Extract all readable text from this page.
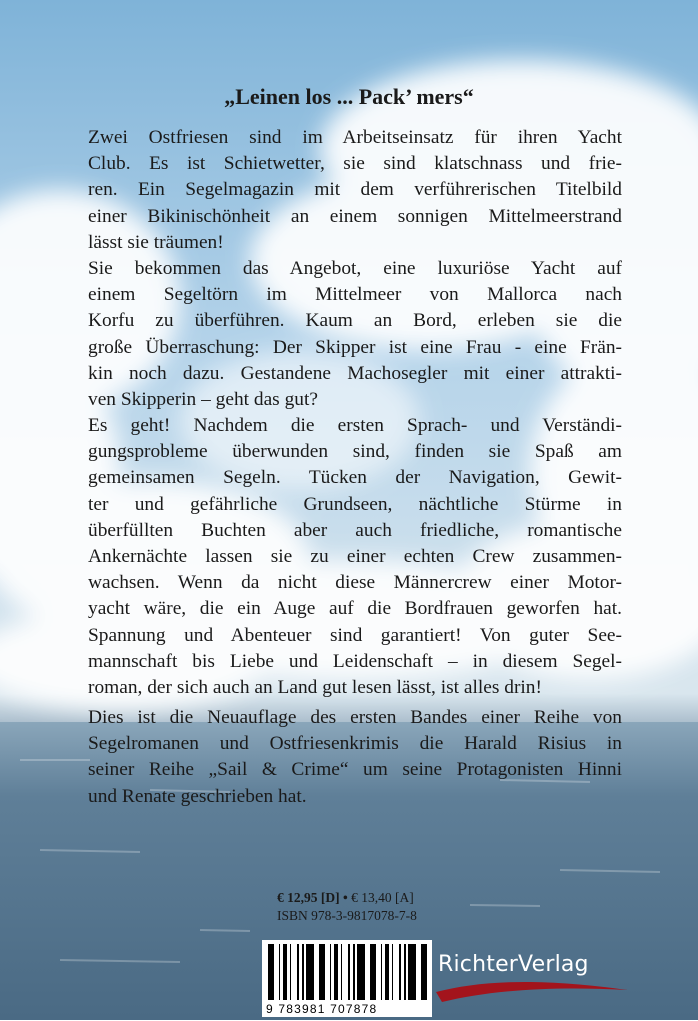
„Leinen los ... Pack’ mers“
Zwei Ostfriesen sind im Arbeitseinsatz für ihren Yacht
Club. Es ist Schietwetter, sie sind klatschnass und frie-
ren. Ein Segelmagazin mit dem verführerischen Titelbild
einer Bikinischönheit an einem sonnigen Mittelmeerstrand
lässt sie träumen!
Sie bekommen das Angebot, eine luxuriöse Yacht auf
einem Segeltörn im Mittelmeer von Mallorca nach
Korfu zu überführen. Kaum an Bord, erleben sie die
große Überraschung: Der Skipper ist eine Frau - eine Frän-
kin noch dazu. Gestandene Machosegler mit einer attrakti-
ven Skipperin – geht das gut?
Es geht! Nachdem die ersten Sprach- und Verständi-
gungsprobleme überwunden sind, finden sie Spaß am
gemeinsamen Segeln. Tücken der Navigation, Gewit-
ter und gefährliche Grundseen, nächtliche Stürme in
überfüllten Buchten aber auch friedliche, romantische
Ankernächte lassen sie zu einer echten Crew zusammen-
wachsen. Wenn da nicht diese Männercrew einer Motor-
yacht wäre, die ein Auge auf die Bordfrauen geworfen hat.
Spannung und Abenteuer sind garantiert! Von guter See-
mannschaft bis Liebe und Leidenschaft – in diesem Segel-
roman, der sich auch an Land gut lesen lässt, ist alles drin!
Dies ist die Neuauflage des ersten Bandes einer Reihe von
Segelromanen und Ostfriesenkrimis die Harald Risius in
seiner Reihe „Sail & Crime“ um seine Protagonisten Hinni
und Renate geschrieben hat.
€ 12,95 [D] • € 13,40 [A]
ISBN 978-3-9817078-7-8
9 783981 707878
RichterVerlag
